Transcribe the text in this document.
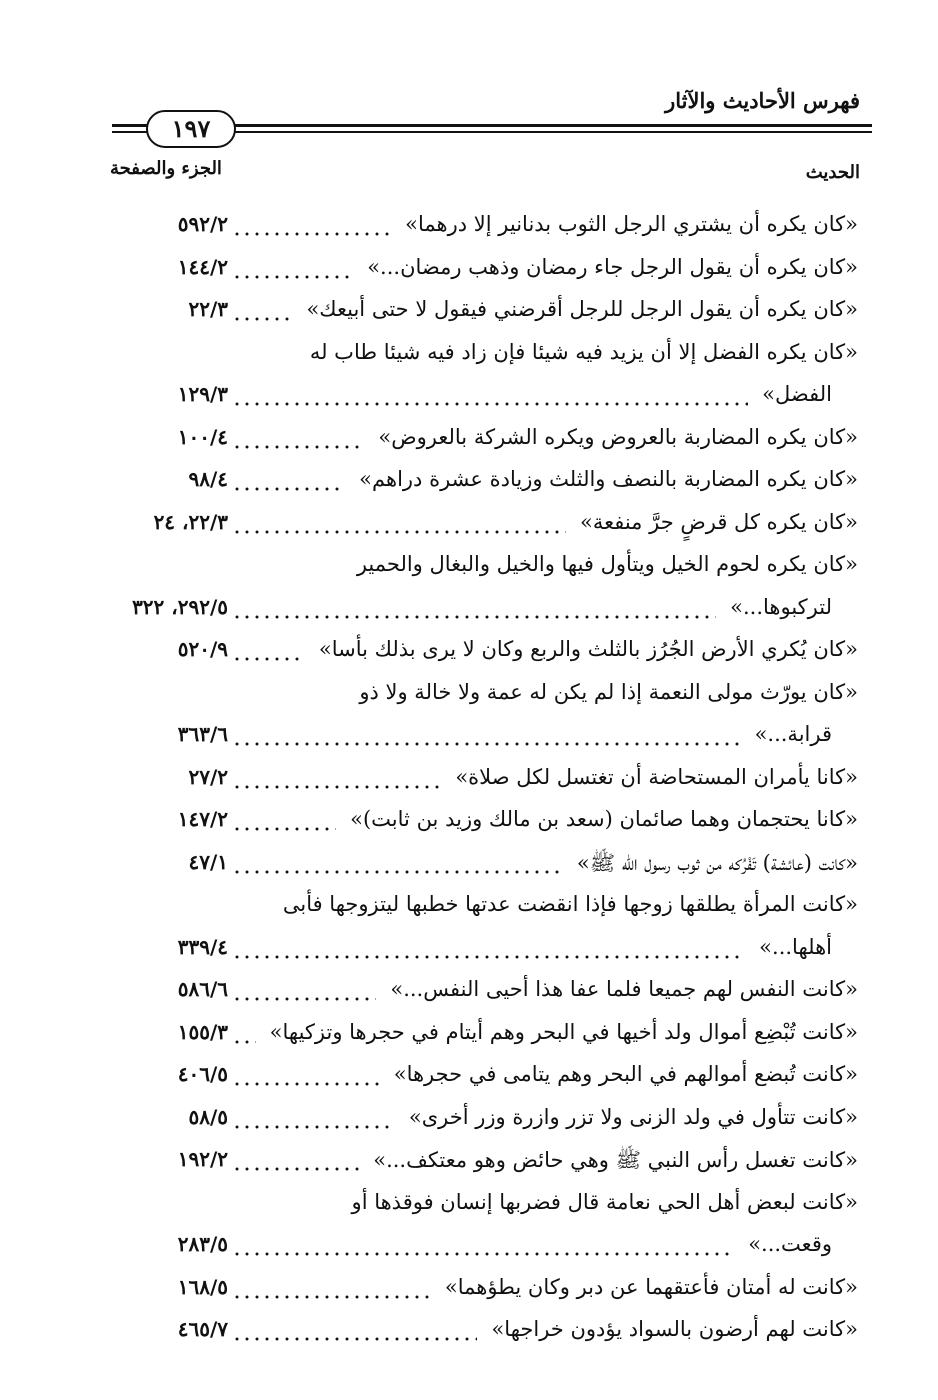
فهرس الأحاديث والآثار
١٩٧
الجزء والصفحة	الحديث
«كان يكره أن يشتري الرجل الثوب بدنانير إلا درهما»
٥٩٢/٢
«كان يكره أن يقول الرجل جاء رمضان وذهب رمضان...»
١٤٤/٢
«كان يكره أن يقول الرجل للرجل أقرضني فيقول لا حتى أبيعك»
٢٢/٣
«كان يكره الفضل إلا أن يزيد فيه شيئا فإن زاد فيه شيئا طاب له
الفضل»
١٢٩/٣
«كان يكره المضاربة بالعروض ويكره الشركة بالعروض»
١٠٠/٤
«كان يكره المضاربة بالنصف والثلث وزيادة عشرة دراهم»
٩٨/٤
«كان يكره كل قرضٍ جرَّ منفعة»
٢٢/٣، ٢٤
«كان يكره لحوم الخيل ويتأول فيها والخيل والبغال والحمير
لتركبوها...»
٢٩٢/٥، ٣٢٢
«كان يُكري الأرض الجُرُز بالثلث والربع وكان لا يرى بذلك بأسا»
٥٢٠/٩
«كان يورّث مولى النعمة إذا لم يكن له عمة ولا خالة ولا ذو
قرابة...»
٣٦٣/٦
«كانا يأمران المستحاضة أن تغتسل لكل صلاة»
٢٧/٢
«كانا يحتجمان وهما صائمان (سعد بن مالك وزيد بن ثابت)»
١٤٧/٢
«كانت (عائشة) تَفْرُكه من ثوب رسول الله ﷺ»
٤٧/١
«كانت المرأة يطلقها زوجها فإذا انقضت عدتها خطبها ليتزوجها فأبى
أهلها...»
٣٣٩/٤
«كانت النفس لهم جميعا فلما عفا هذا أحيى النفس...»
٥٨٦/٦
«كانت تُبْضِع أموال ولد أخيها في البحر وهم أيتام في حجرها وتزكيها»
١٥٥/٣
«كانت تُبضع أموالهم في البحر وهم يتامى في حجرها»
٤٠٦/٥
«كانت تتأول في ولد الزنى ولا تزر وازرة وزر أخرى»
٥٨/٥
«كانت تغسل رأس النبي ﷺ وهي حائض وهو معتكف...»
١٩٢/٢
«كانت لبعض أهل الحي نعامة قال فضربها إنسان فوقذها أو
وقعت...»
٢٨٣/٥
«كانت له أمتان فأعتقهما عن دبر وكان يطؤهما»
١٦٨/٥
«كانت لهم أرضون بالسواد يؤدون خراجها»
٤٦٥/٧
